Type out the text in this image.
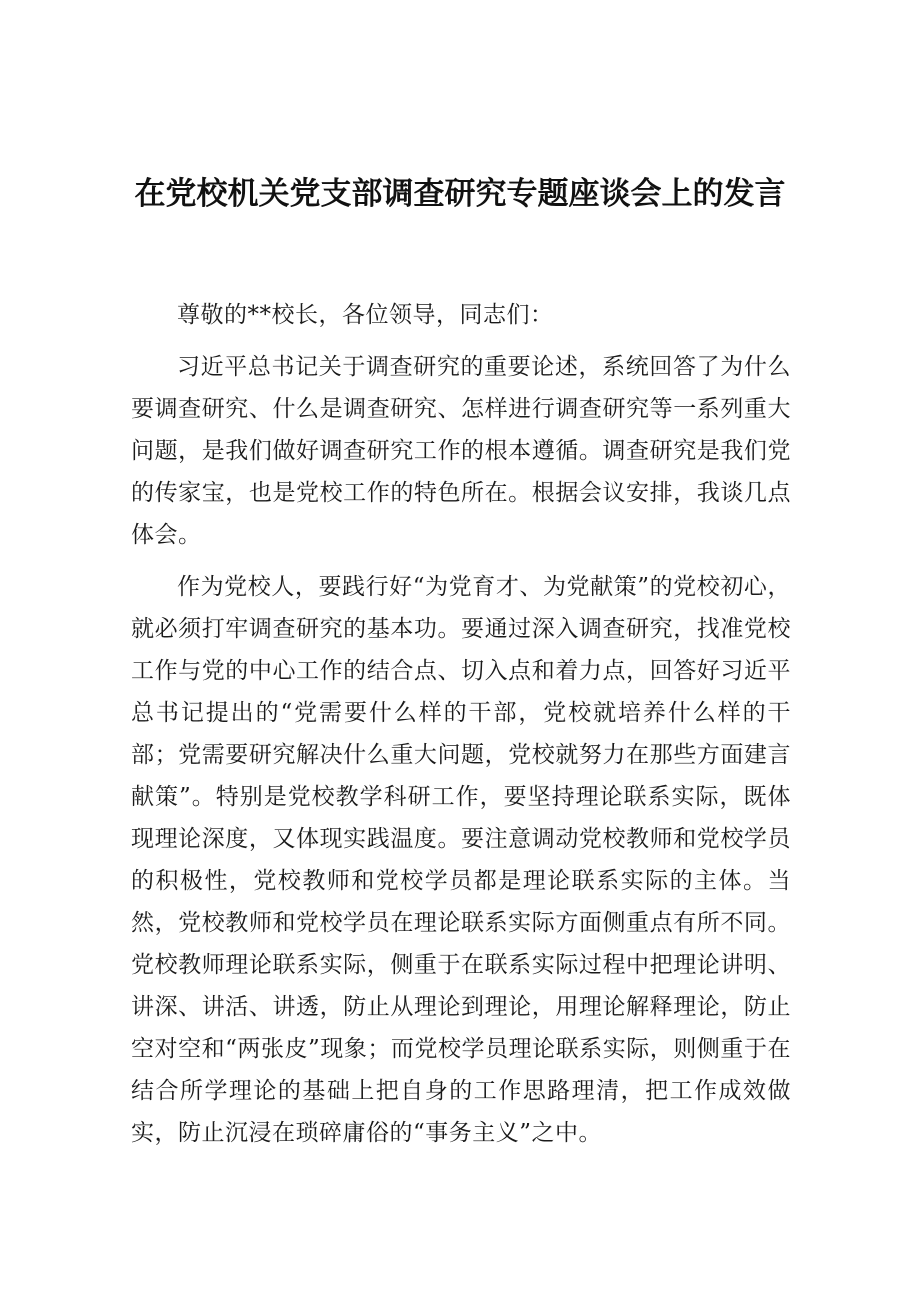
在党校机关党支部调查研究专题座谈会上的发言

尊敬的**校长，各位领导，同志们：

习近平总书记关于调查研究的重要论述，系统回答了为什么要调查研究、什么是调查研究、怎样进行调查研究等一系列重大问题，是我们做好调查研究工作的根本遵循。调查研究是我们党的传家宝，也是党校工作的特色所在。根据会议安排，我谈几点体会。

作为党校人，要践行好“为党育才、为党献策”的党校初心，就必须打牢调查研究的基本功。要通过深入调查研究，找准党校工作与党的中心工作的结合点、切入点和着力点，回答好习近平总书记提出的“党需要什么样的干部，党校就培养什么样的干部；党需要研究解决什么重大问题，党校就努力在那些方面建言献策”。特别是党校教学科研工作，要坚持理论联系实际，既体现理论深度，又体现实践温度。要注意调动党校教师和党校学员的积极性，党校教师和党校学员都是理论联系实际的主体。当然，党校教师和党校学员在理论联系实际方面侧重点有所不同。党校教师理论联系实际，侧重于在联系实际过程中把理论讲明、讲深、讲活、讲透，防止从理论到理论，用理论解释理论，防止空对空和“两张皮”现象；而党校学员理论联系实际，则侧重于在结合所学理论的基础上把自身的工作思路理清，把工作成效做实，防止沉浸在琐碎庸俗的“事务主义”之中。
